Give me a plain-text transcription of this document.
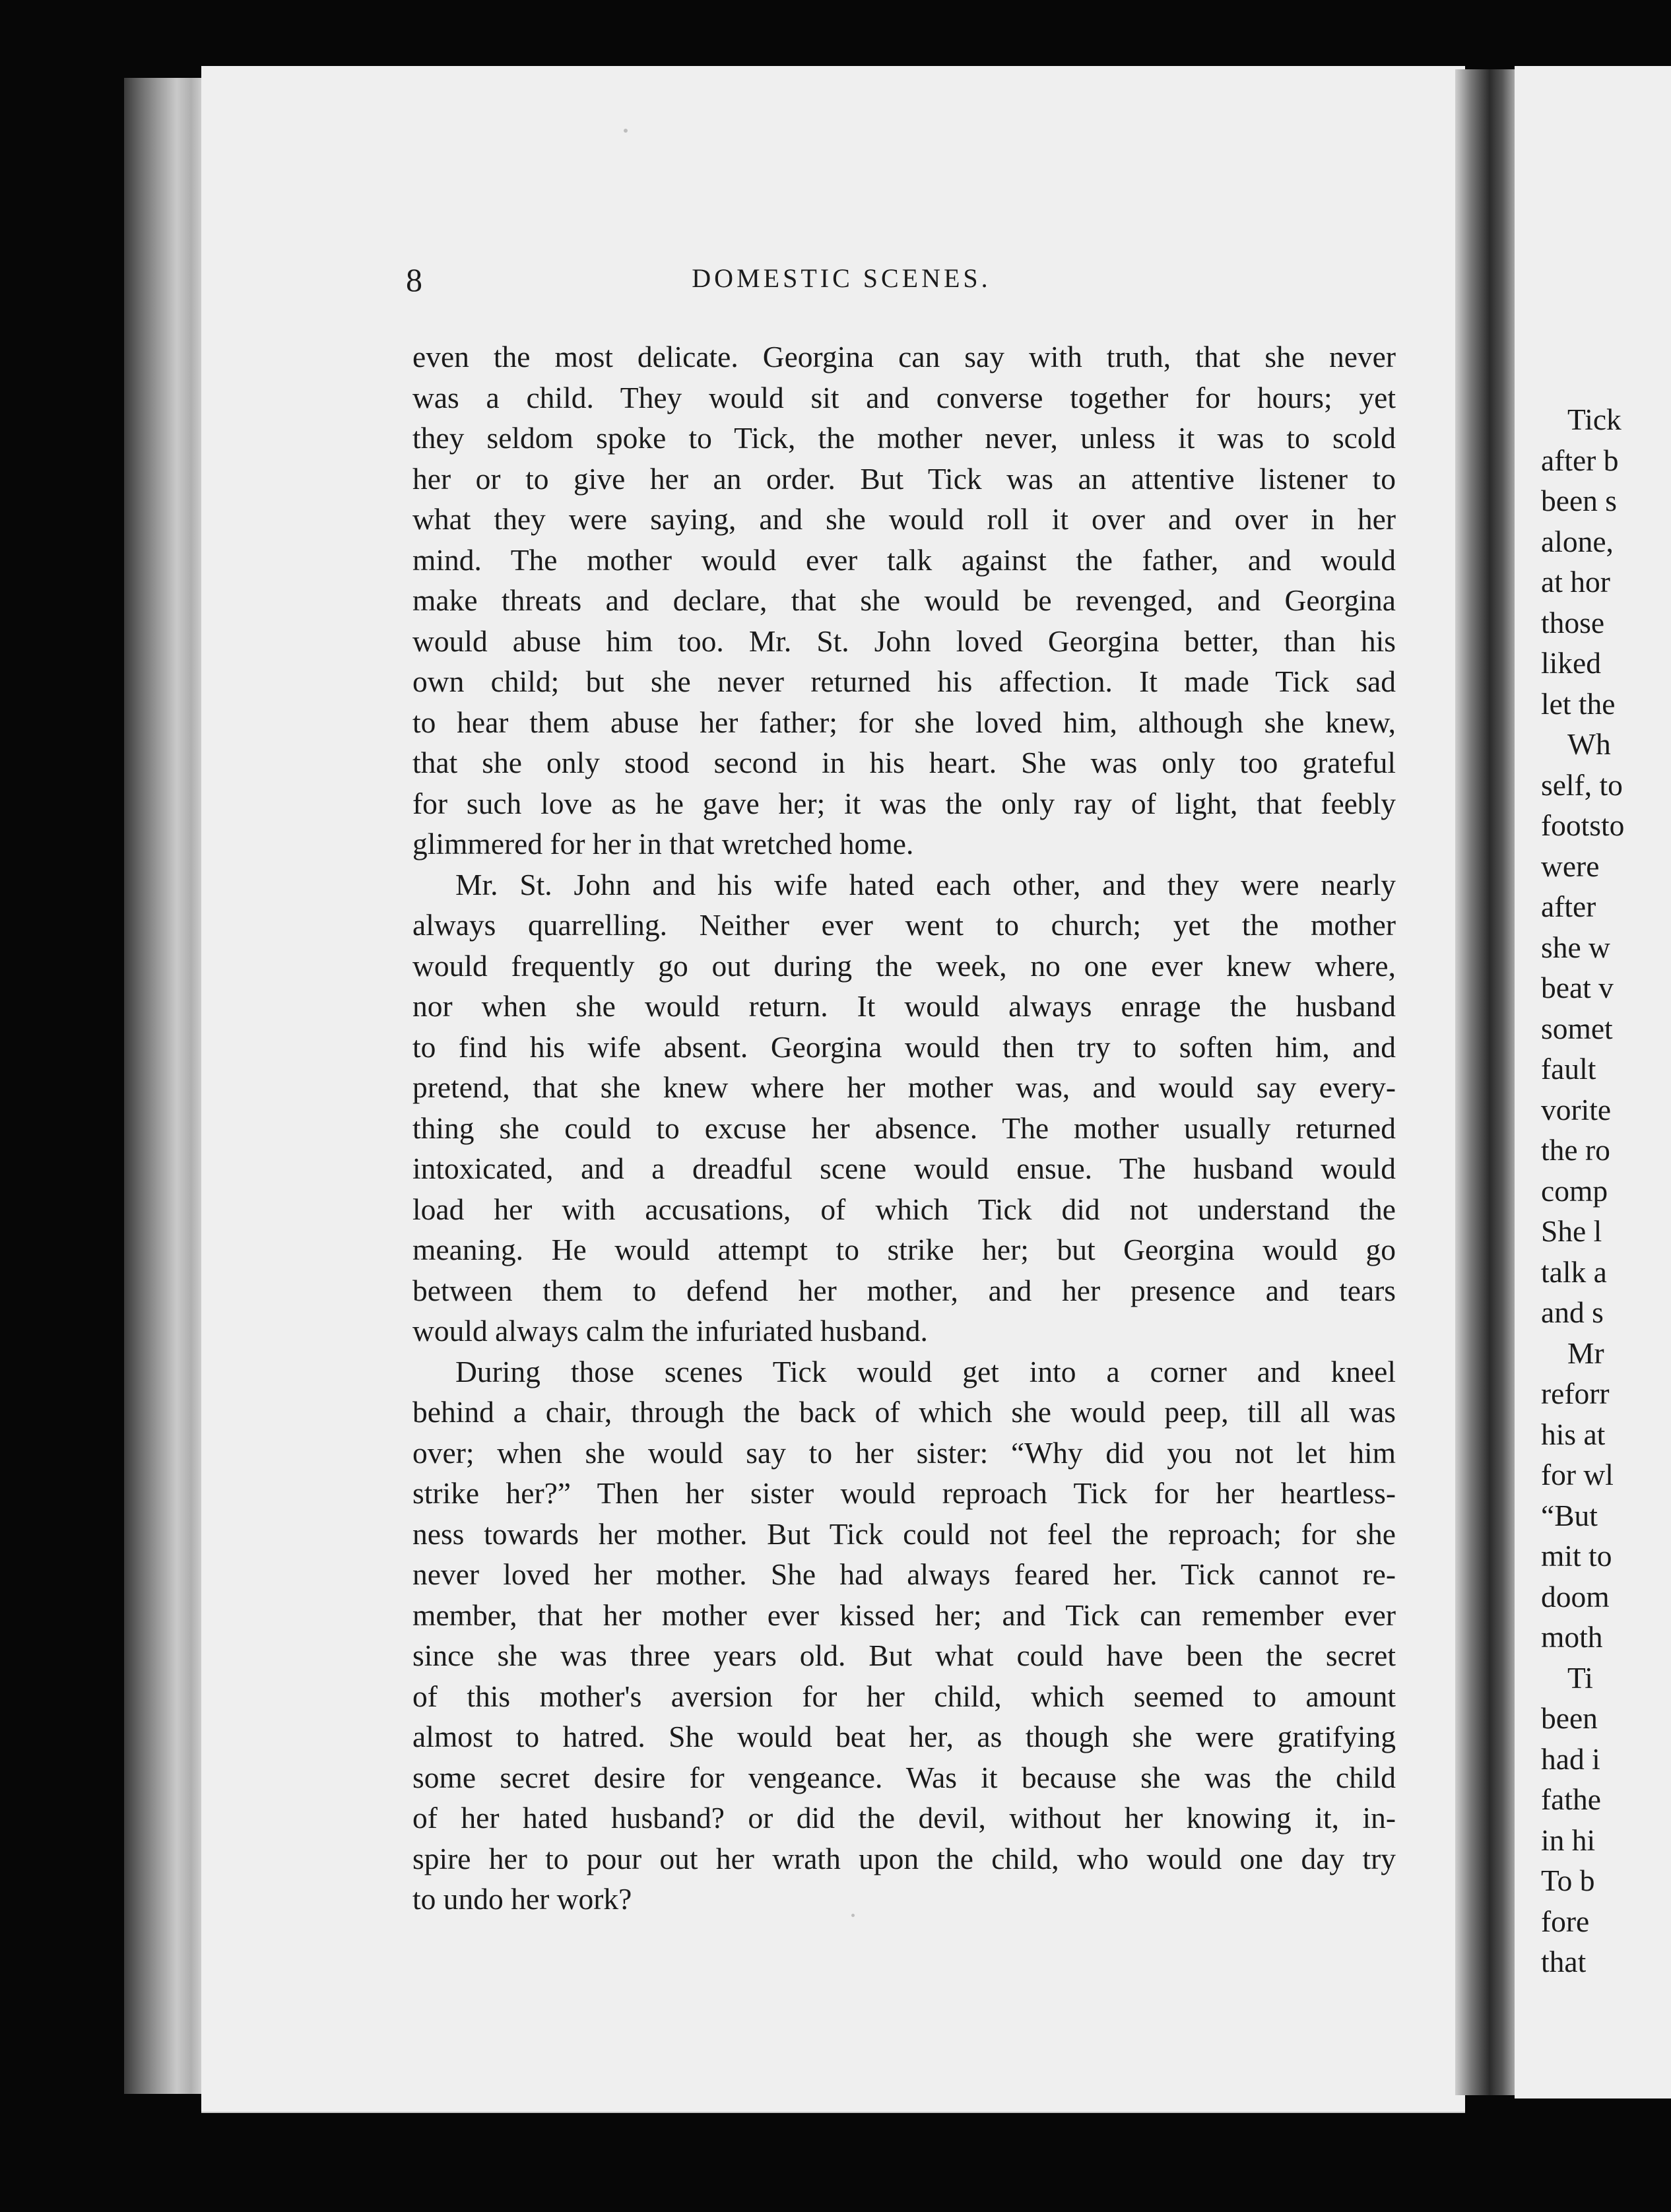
Tick
after b
been s
alone,
at hor
those
liked
let the
Wh
self, to
footsto
were
after
she w
beat v
somet
fault
vorite
the ro
comp
She l
talk a
and s
Mr
reforr
his at
for wl
“But
mit to
doom
moth
Ti
been
had i
fathe
in hi
To b
fore
that
8	DOMESTIC SCENES.
even the most delicate. Georgina can say with truth, that she never
was a child. They would sit and converse together for hours; yet
they seldom spoke to Tick, the mother never, unless it was to scold
her or to give her an order. But Tick was an attentive listener to
what they were saying, and she would roll it over and over in her
mind. The mother would ever talk against the father, and would
make threats and declare, that she would be revenged, and Georgina
would abuse him too. Mr. St. John loved Georgina better, than his
own child; but she never returned his affection. It made Tick sad
to hear them abuse her father; for she loved him, although she knew,
that she only stood second in his heart. She was only too grateful
for such love as he gave her; it was the only ray of light, that feebly
glimmered for her in that wretched home.
Mr. St. John and his wife hated each other, and they were nearly
always quarrelling. Neither ever went to church; yet the mother
would frequently go out during the week, no one ever knew where,
nor when she would return. It would always enrage the husband
to find his wife absent. Georgina would then try to soften him, and
pretend, that she knew where her mother was, and would say every-
thing she could to excuse her absence. The mother usually returned
intoxicated, and a dreadful scene would ensue. The husband would
load her with accusations, of which Tick did not understand the
meaning. He would attempt to strike her; but Georgina would go
between them to defend her mother, and her presence and tears
would always calm the infuriated husband.
During those scenes Tick would get into a corner and kneel
behind a chair, through the back of which she would peep, till all was
over; when she would say to her sister: “Why did you not let him
strike her?” Then her sister would reproach Tick for her heartless-
ness towards her mother. But Tick could not feel the reproach; for she
never loved her mother. She had always feared her. Tick cannot re-
member, that her mother ever kissed her; and Tick can remember ever
since she was three years old. But what could have been the secret
of this mother's aversion for her child, which seemed to amount
almost to hatred. She would beat her, as though she were gratifying
some secret desire for vengeance. Was it because she was the child
of her hated husband? or did the devil, without her knowing it, in-
spire her to pour out her wrath upon the child, who would one day try
to undo her work?
